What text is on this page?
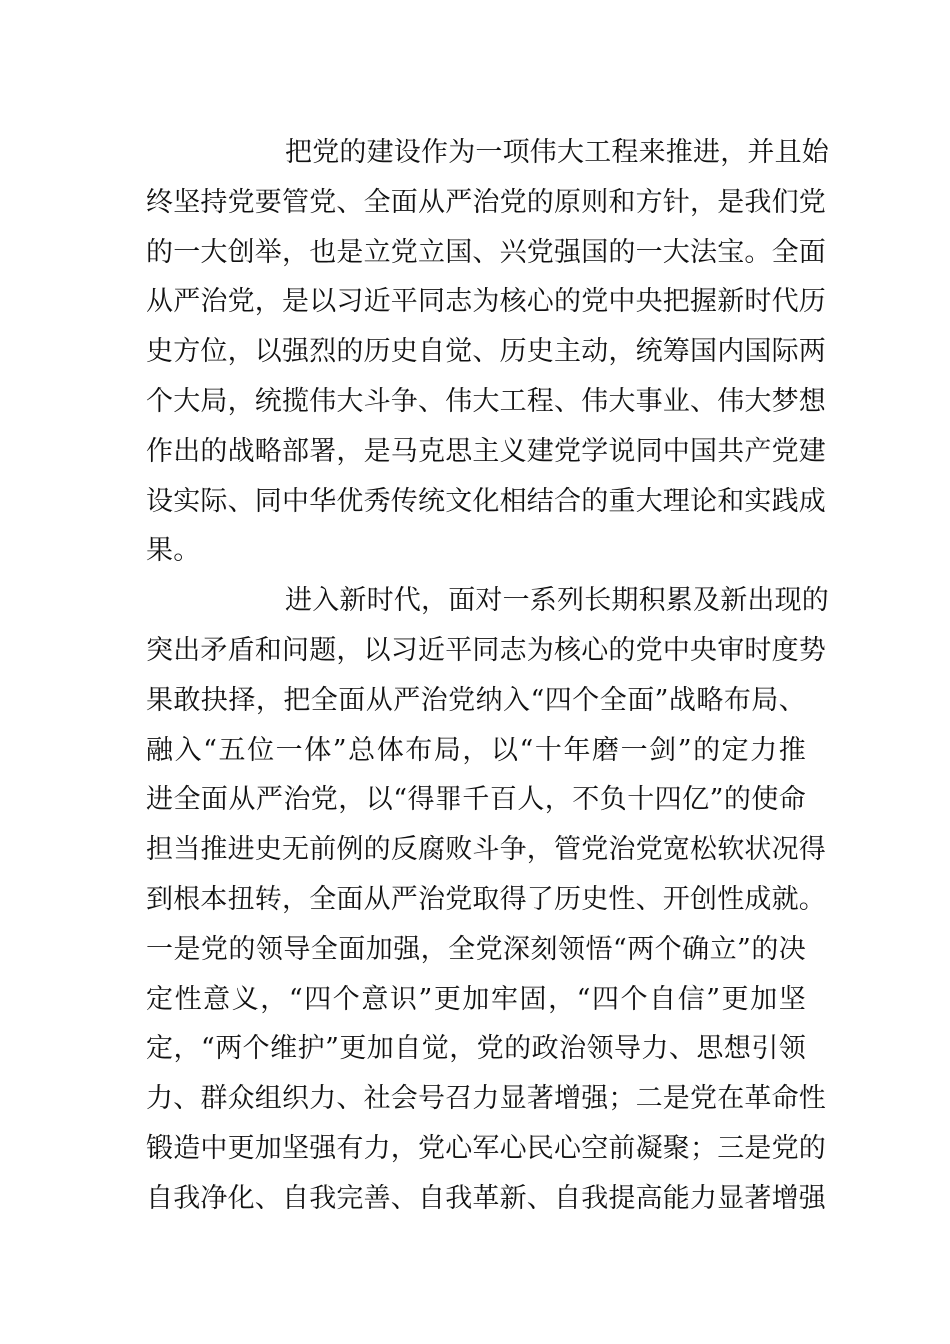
把党的建设作为一项伟大工程来推进，并且始
终坚持党要管党、全面从严治党的原则和方针，是我们党
的一大创举，也是立党立国、兴党强国的一大法宝。全面
从严治党，是以习近平同志为核心的党中央把握新时代历
史方位，以强烈的历史自觉、历史主动，统筹国内国际两
个大局，统揽伟大斗争、伟大工程、伟大事业、伟大梦想
作出的战略部署，是马克思主义建党学说同中国共产党建
设实际、同中华优秀传统文化相结合的重大理论和实践成
果。

进入新时代，面对一系列长期积累及新出现的
突出矛盾和问题，以习近平同志为核心的党中央审时度势
果敢抉择，把全面从严治党纳入“四个全面”战略布局、
融入“五位一体”总体布局，以“十年磨一剑”的定力推
进全面从严治党，以“得罪千百人，不负十四亿”的使命
担当推进史无前例的反腐败斗争，管党治党宽松软状况得
到根本扭转，全面从严治党取得了历史性、开创性成就。
一是党的领导全面加强，全党深刻领悟“两个确立”的决
定性意义，“四个意识”更加牢固，“四个自信”更加坚
定，“两个维护”更加自觉，党的政治领导力、思想引领
力、群众组织力、社会号召力显著增强；二是党在革命性
锻造中更加坚强有力，党心军心民心空前凝聚；三是党的
自我净化、自我完善、自我革新、自我提高能力显著增强
